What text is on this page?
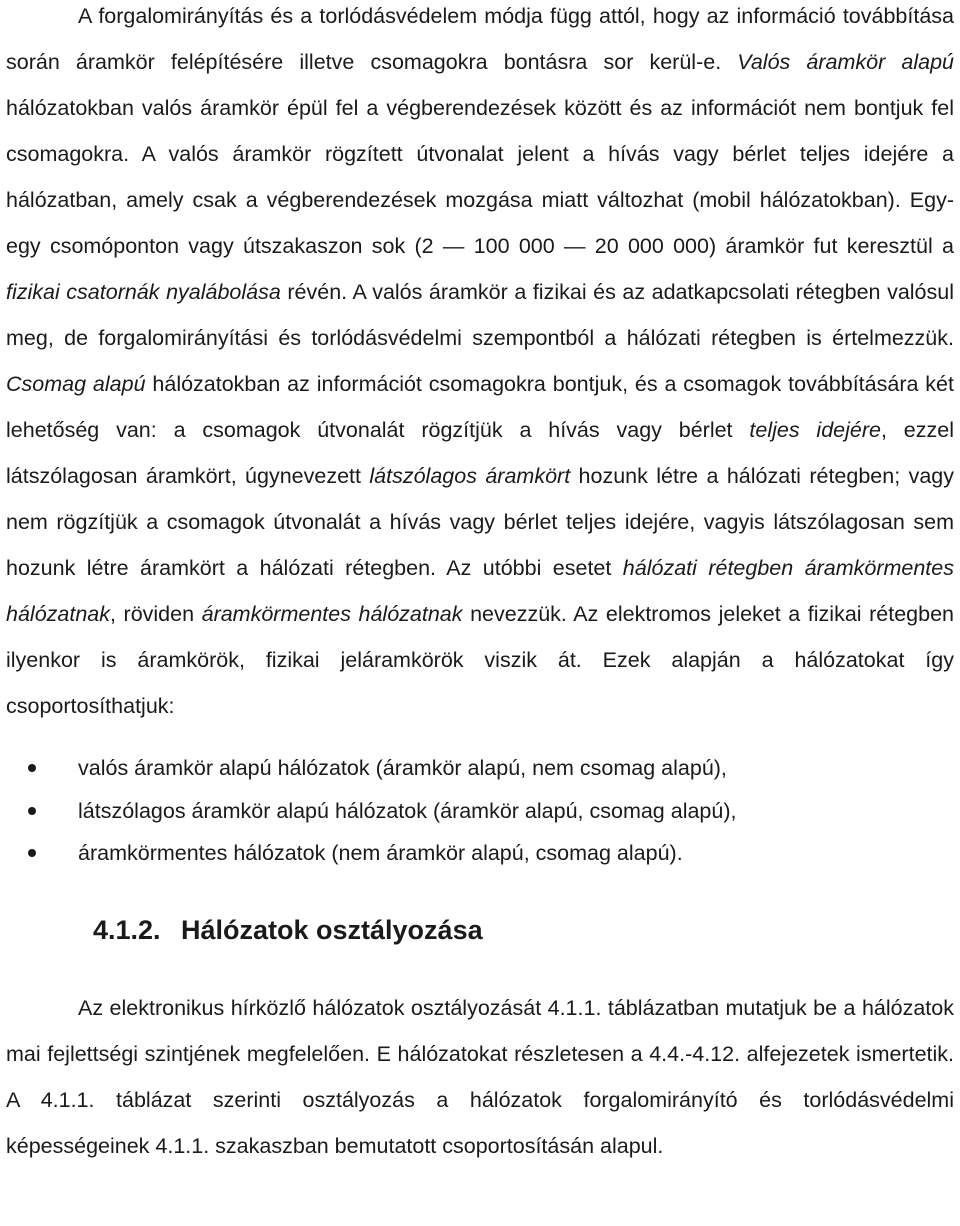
A forgalomirányítás és a torlódásvédelem módja függ attól, hogy az információ továbbítása során áramkör felépítésére illetve csomagokra bontásra sor kerül-e. Valós áramkör alapú hálózatokban valós áramkör épül fel a végberendezések között és az információt nem bontjuk fel csomagokra. A valós áramkör rögzített útvonalat jelent a hívás vagy bérlet teljes idejére a hálózatban, amely csak a végberendezések mozgása miatt változhat (mobil hálózatokban). Egy-egy csomóponton vagy útszakaszon sok (2 — 100 000 — 20 000 000) áramkör fut keresztül a fizikai csatornák nyalábolása révén. A valós áramkör a fizikai és az adatkapcsolati rétegben valósul meg, de forgalomirányítási és torlódásvédelmi szempontból a hálózati rétegben is értelmezzük. Csomag alapú hálózatokban az információt csomagokra bontjuk, és a csomagok továbbítására két lehetőség van: a csomagok útvonalát rögzítjük a hívás vagy bérlet teljes idejére, ezzel látszólagosan áramkört, úgynevezett látszólagos áramkört hozunk létre a hálózati rétegben; vagy nem rögzítjük a csomagok útvonalát a hívás vagy bérlet teljes idejére, vagyis látszólagosan sem hozunk létre áramkört a hálózati rétegben. Az utóbbi esetet hálózati rétegben áramkörmentes hálózatnak, röviden áramkörmentes hálózatnak nevezzük. Az elektromos jeleket a fizikai rétegben ilyenkor is áramkörök, fizikai jeláramkörök viszik át. Ezek alapján a hálózatokat így csoportosíthatjuk:

valós áramkör alapú hálózatok (áramkör alapú, nem csomag alapú),
látszólagos áramkör alapú hálózatok (áramkör alapú, csomag alapú),
áramkörmentes hálózatok (nem áramkör alapú, csomag alapú).
4.1.2. Hálózatok osztályozása

Az elektronikus hírközlő hálózatok osztályozását 4.1.1. táblázatban mutatjuk be a hálózatok mai fejlettségi szintjének megfelelően. E hálózatokat részletesen a 4.4.-4.12. alfejezetek ismertetik. A 4.1.1. táblázat szerinti osztályozás a hálózatok forgalomirányító és torlódásvédelmi képességeinek 4.1.1. szakaszban bemutatott csoportosításán alapul.
